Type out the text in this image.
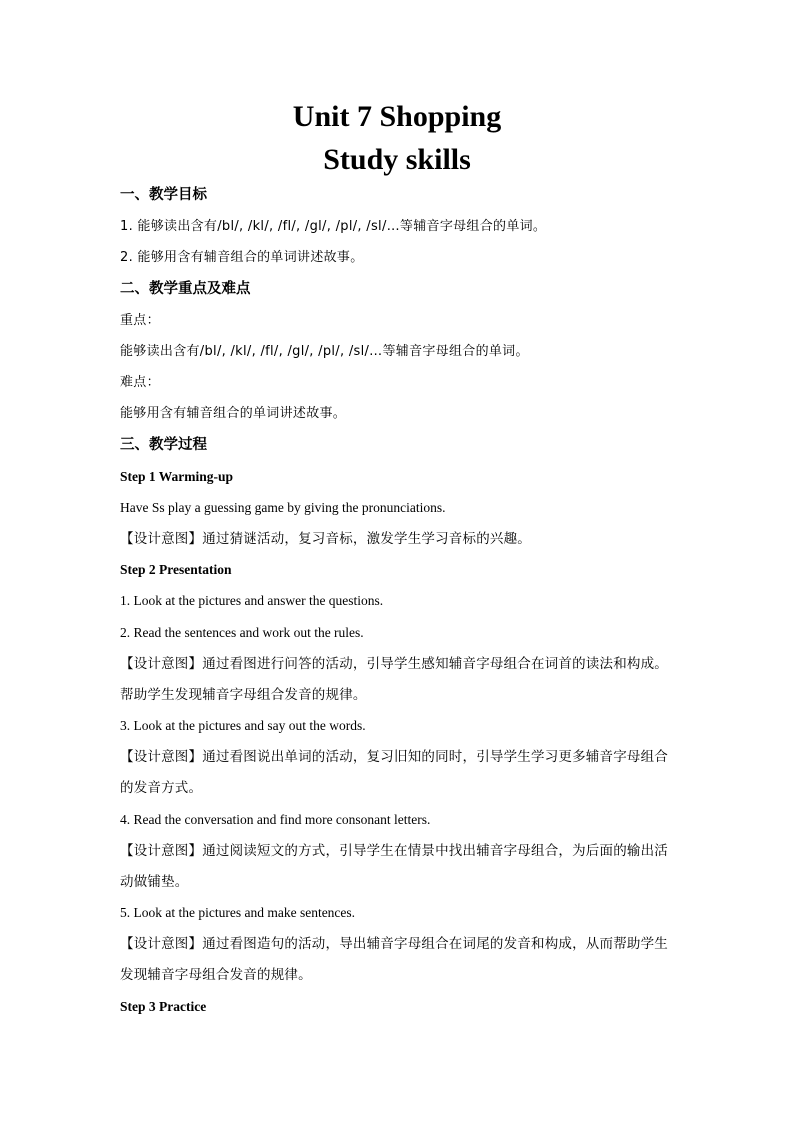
Unit 7 Shopping
Study skills
一、教学目标
1. 能够读出含有/bl/, /kl/, /fl/, /gl/, /pl/, /sl/…等辅音字母组合的单词。
2. 能够用含有辅音组合的单词讲述故事。
二、教学重点及难点
重点：
能够读出含有/bl/, /kl/, /fl/, /gl/, /pl/, /sl/…等辅音字母组合的单词。
难点：
能够用含有辅音组合的单词讲述故事。
三、教学过程
Step 1 Warming-up
Have Ss play a guessing game by giving the pronunciations.
【设计意图】通过猜谜活动，复习音标，激发学生学习音标的兴趣。
Step 2 Presentation
1. Look at the pictures and answer the questions.
2. Read the sentences and work out the rules.
【设计意图】通过看图进行问答的活动，引导学生感知辅音字母组合在词首的读法和构成。
帮助学生发现辅音字母组合发音的规律。
3. Look at the pictures and say out the words.
【设计意图】通过看图说出单词的活动，复习旧知的同时，引导学生学习更多辅音字母组合
的发音方式。
4. Read the conversation and find more consonant letters.
【设计意图】通过阅读短文的方式，引导学生在情景中找出辅音字母组合，为后面的输出活
动做铺垫。
5. Look at the pictures and make sentences.
【设计意图】通过看图造句的活动，导出辅音字母组合在词尾的发音和构成，从而帮助学生
发现辅音字母组合发音的规律。
Step 3 Practice
